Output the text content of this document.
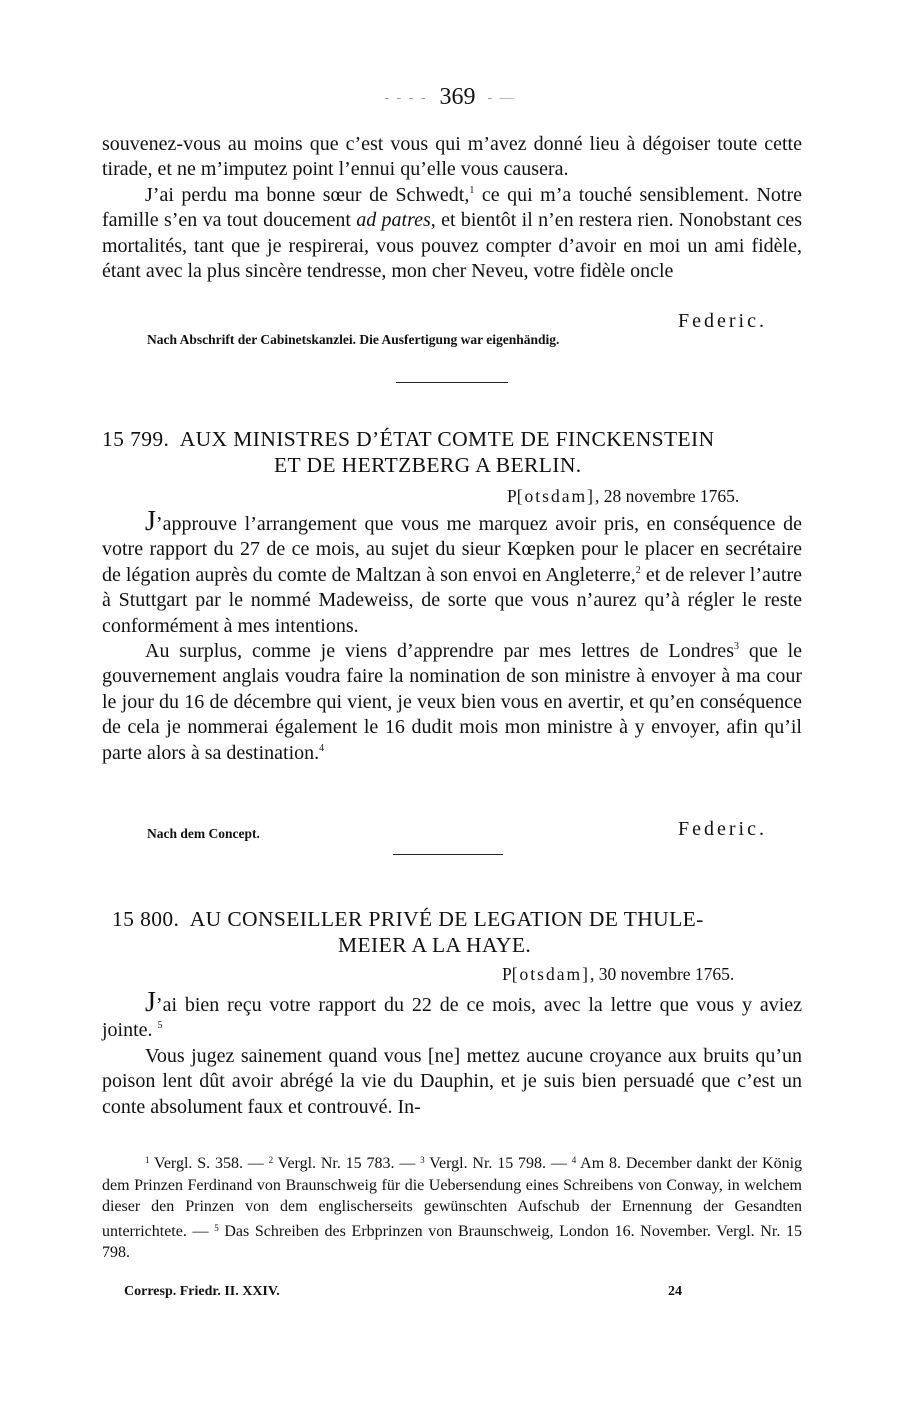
- - - - 369 - —

souvenez-vous au moins que c’est vous qui m’avez donné lieu à dégoiser toute cette tirade, et ne m’imputez point l’ennui qu’elle vous causera.

J’ai perdu ma bonne sœur de Schwedt,$^1$ ce qui m’a touché sensiblement. Notre famille s’en va tout doucement ad patres, et bientôt il n’en restera rien. Nonobstant ces mortalités, tant que je respirerai, vous pouvez compter d’avoir en moi un ami fidèle, étant avec la plus sincère tendresse, mon cher Neveu, votre fidèle oncle

Federic.
Nach Abschrift der Cabinetskanzlei. Die Ausfertigung war eigenhändig.
15 799. AUX MINISTRES D’ÉTAT COMTE DE FINCKENSTEIN
ET DE HERTZBERG A BERLIN.
P[otsdam], 28 novembre 1765.

J’approuve l’arrangement que vous me marquez avoir pris, en conséquence de votre rapport du 27 de ce mois, au sujet du sieur Kœpken pour le placer en secrétaire de légation auprès du comte de Maltzan à son envoi en Angleterre,$^2$ et de relever l’autre à Stuttgart par le nommé Madeweiss, de sorte que vous n’aurez qu’à régler le reste conformément à mes intentions.

Au surplus, comme je viens d’apprendre par mes lettres de Londres$^3$ que le gouvernement anglais voudra faire la nomination de son ministre à envoyer à ma cour le jour du 16 de décembre qui vient, je veux bien vous en avertir, et qu’en conséquence de cela je nommerai également le 16 dudit mois mon ministre à y envoyer, afin qu’il parte alors à sa destination.$^4$

Nach dem Concept.	Federic.
15 800. AU CONSEILLER PRIVÉ DE LEGATION DE THULE-
MEIER A LA HAYE.
P[otsdam], 30 novembre 1765.

J’ai bien reçu votre rapport du 22 de ce mois, avec la lettre que vous y aviez jointe. $^5$

Vous jugez sainement quand vous [ne] mettez aucune croyance aux bruits qu’un poison lent dût avoir abrégé la vie du Dauphin, et je suis bien persuadé que c’est un conte absolument faux et controuvé. In-

$^1$ Vergl. S. 358. — $^2$ Vergl. Nr. 15 783. — $^3$ Vergl. Nr. 15 798. — $^4$ Am 8. December dankt der König dem Prinzen Ferdinand von Braunschweig für die Uebersendung eines Schreibens von Conway, in welchem dieser den Prinzen von dem englischerseits gewünschten Aufschub der Ernennung der Gesandten unterrichtete. — $^5$ Das Schreiben des Erbprinzen von Braunschweig, London 16. November. Vergl. Nr. 15 798.

Corresp. Friedr. II. XXIV.	24
